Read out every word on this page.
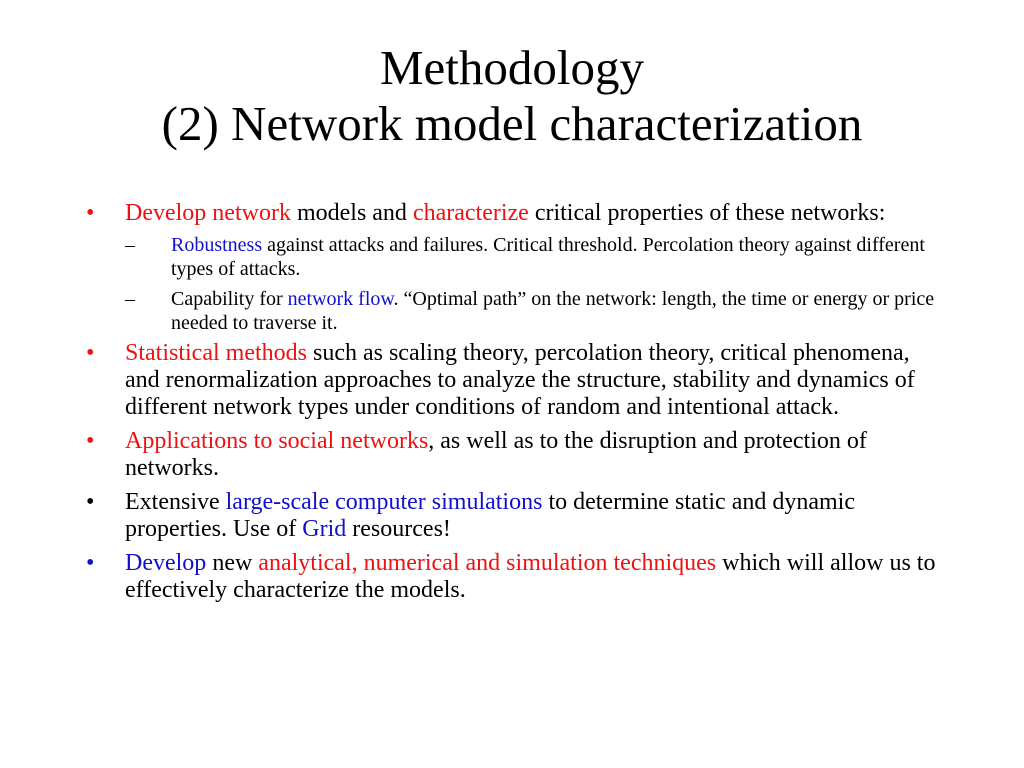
Methodology
(2) Network model characterization
•	Develop network models and characterize critical properties of these networks:
–	Robustness against attacks and failures. Critical threshold. Percolation theory against different types of attacks.
–	Capability for network flow. “Optimal path” on the network: length, the time or energy or price needed to traverse it.
•	Statistical methods such as scaling theory, percolation theory, critical phenomena, and renormalization approaches to analyze the structure, stability and dynamics of different network types under conditions of random and intentional attack.
•	Applications to social networks, as well as to the disruption and protection of networks.
•	Extensive large-scale computer simulations to determine static and dynamic properties. Use of Grid resources!
•	Develop new analytical, numerical and simulation techniques which will allow us to effectively characterize the models.
